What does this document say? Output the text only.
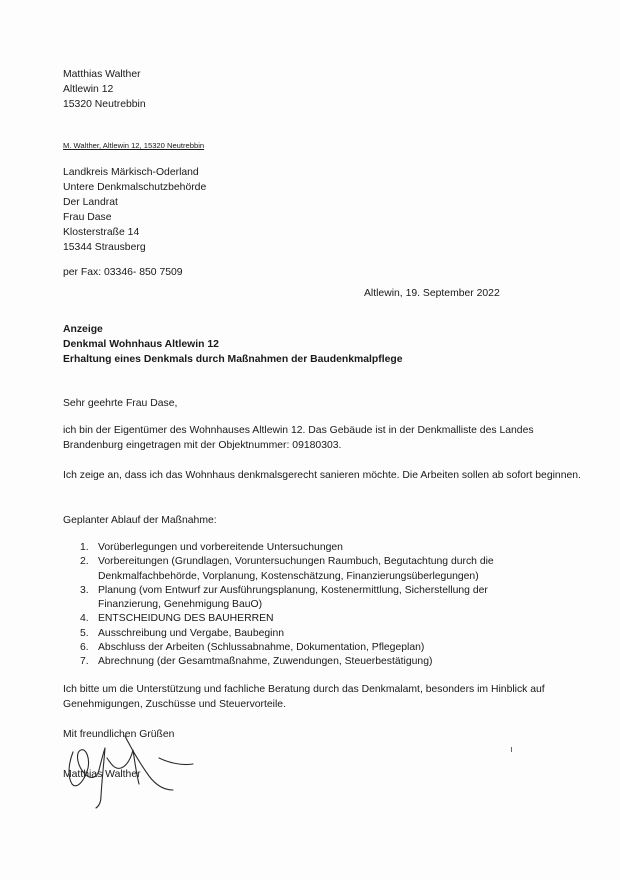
Matthias Walther
Altlewin 12
15320 Neutrebbin
M. Walther, Altlewin 12, 15320 Neutrebbin
Landkreis Märkisch-Oderland
Untere Denkmalschutzbehörde
Der Landrat
Frau Dase
Klosterstraße 14
15344 Strausberg
per Fax: 03346- 850 7509
Altlewin, 19. September 2022
Anzeige
Denkmal Wohnhaus Altlewin 12
Erhaltung eines Denkmals durch Maßnahmen der Baudenkmalpflege
Sehr geehrte Frau Dase,
ich bin der Eigentümer des Wohnhauses Altlewin 12. Das Gebäude ist in der Denkmalliste des Landes Brandenburg eingetragen mit der Objektnummer: 09180303.
Ich zeige an, dass ich das Wohnhaus denkmalsgerecht sanieren möchte. Die Arbeiten sollen ab sofort beginnen.
Geplanter Ablauf der Maßnahme:
1. Vorüberlegungen und vorbereitende Untersuchungen
2. Vorbereitungen (Grundlagen, Voruntersuchungen Raumbuch, Begutachtung durch die Denkmalfachbehörde, Vorplanung, Kostenschätzung, Finanzierungsüberlegungen)
3. Planung (vom Entwurf zur Ausführungsplanung, Kostenermittlung, Sicherstellung der Finanzierung, Genehmigung BauO)
4. ENTSCHEIDUNG DES BAUHERREN
5. Ausschreibung und Vergabe, Baubeginn
6. Abschluss der Arbeiten (Schlussabnahme, Dokumentation, Pflegeplan)
7. Abrechnung (der Gesamtmaßnahme, Zuwendungen, Steuerbestätigung)
Ich bitte um die Unterstützung und fachliche Beratung durch das Denkmalamt, besonders im Hinblick auf Genehmigungen, Zuschüsse und Steuervorteile.
Mit freundlichen Grüßen
Matthias Walther
